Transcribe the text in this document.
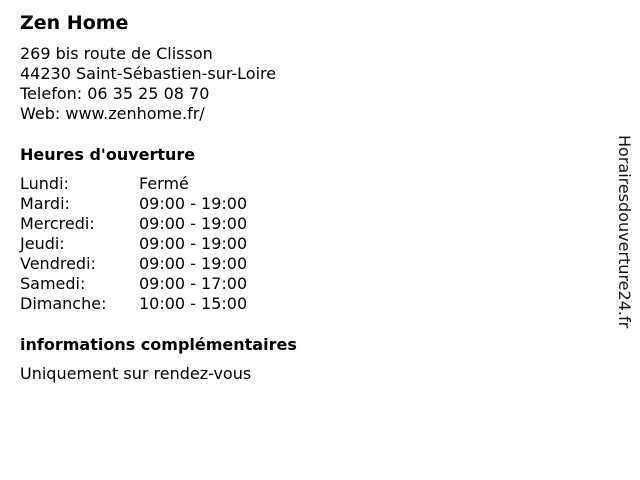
Zen Home

269 bis route de Clisson

44230 Saint-Sébastien-sur-Loire

Telefon: 06 35 25 08 70

Web: www.zenhome.fr/

Heures d'ouverture
Lundi:	Fermé
Mardi:	09:00 - 19:00
Mercredi:	09:00 - 19:00
Jeudi:	09:00 - 19:00
Vendredi:	09:00 - 19:00
Samedi:	09:00 - 17:00
Dimanche:	10:00 - 15:00
informations complémentaires

Uniquement sur rendez-vous

Horairesdouverture24.fr
